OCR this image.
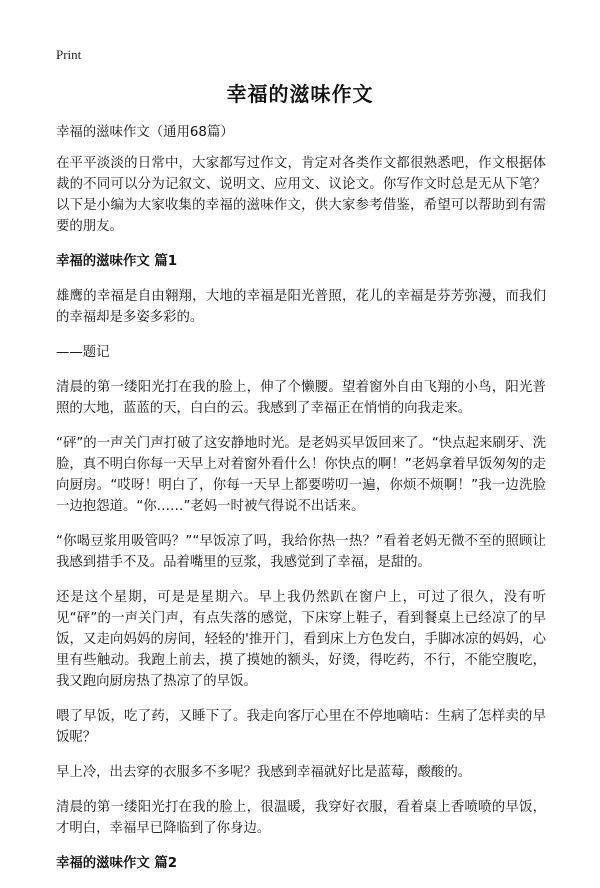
Print
幸福的滋味作文
幸福的滋味作文（通用68篇）
在平平淡淡的日常中，大家都写过作文，肯定对各类作文都很熟悉吧，作文根据体裁的不同可以分为记叙文、说明文、应用文、议论文。你写作文时总是无从下笔？以下是小编为大家收集的幸福的滋味作文，供大家参考借鉴，希望可以帮助到有需要的朋友。
幸福的滋味作文 篇1
雄鹰的幸福是自由翱翔，大地的幸福是阳光普照，花儿的幸福是芬芳弥漫，而我们的幸福却是多姿多彩的。
——题记
清晨的第一缕阳光打在我的脸上，伸了个懒腰。望着窗外自由飞翔的小鸟，阳光普照的大地，蓝蓝的天，白白的云。我感到了幸福正在悄悄的向我走来。
“砰”的一声关门声打破了这安静地时光。是老妈买早饭回来了。“快点起来刷牙、洗脸，真不明白你每一天早上对着窗外看什么！你快点的啊！”老妈拿着早饭匆匆的走向厨房。“哎呀！明白了，你每一天早上都要唠叨一遍，你烦不烦啊！”我一边洗脸一边抱怨道。“你……”老妈一时被气得说不出话来。
“你喝豆浆用吸管吗？”“早饭凉了吗，我给你热一热？”看着老妈无微不至的照顾让我感到措手不及。品着嘴里的豆浆，我感觉到了幸福，是甜的。
还是这个星期，可是是星期六。早上我仍然趴在窗户上，可过了很久，没有听见“砰”的一声关门声，有点失落的感觉，下床穿上鞋子，看到餐桌上已经凉了的早饭，又走向妈妈的房间，轻轻的'推开门，看到床上方色发白，手脚冰凉的妈妈，心里有些触动。我跑上前去，摸了摸她的额头，好烫，得吃药，不行，不能空腹吃，我又跑向厨房热了热凉了的早饭。
喂了早饭，吃了药，又睡下了。我走向客厅心里在不停地嘀咕：生病了怎样卖的早饭呢？
早上冷，出去穿的衣服多不多呢？我感到幸福就好比是蓝莓，酸酸的。
清晨的第一缕阳光打在我的脸上，很温暖，我穿好衣服，看着桌上香喷喷的早饭，才明白，幸福早已降临到了你身边。
幸福的滋味作文 篇2
